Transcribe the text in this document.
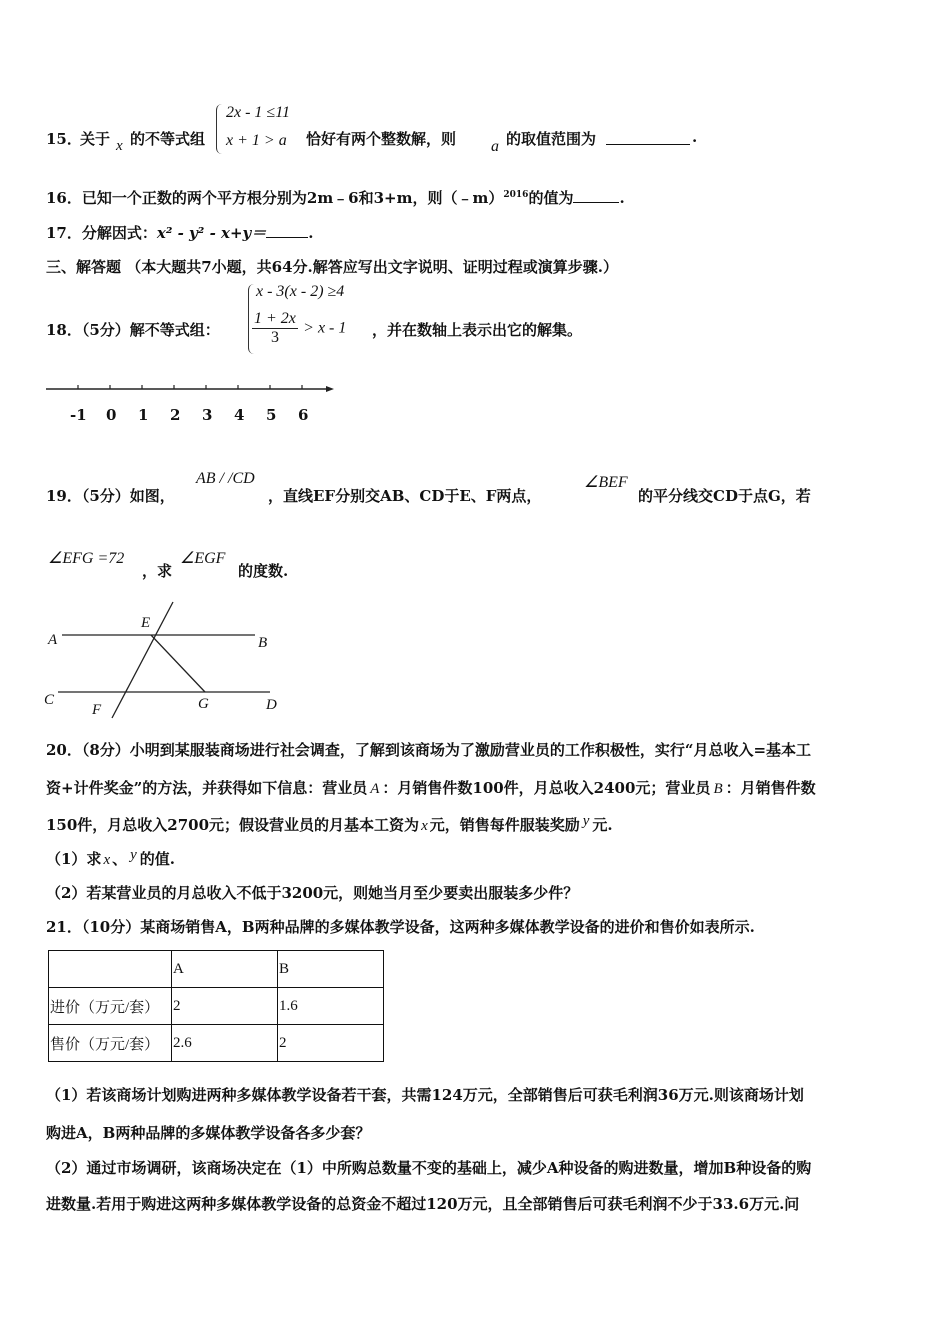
15．
关于 x 的不等式组
2x - 1 ≤11
x + 1 > a 恰好有两个整数解，则 a 的取值范围为	.
16．已知一个正数的两个平方根分别为2m﹣6和3+m，则（﹣m）$^{2016}$的值为	.
17．分解因式：x² - y² - x+y＝	.
三、解答题 （本大题共7小题，共64分.解答应写出文字说明、证明过程或演算步骤.）
18．（5分）解不等式组：
x - 3(x - 2) ≥4
$\frac{1 + 2x}{3} > x - 1$ ，并在数轴上表示出它的解集。
-1 0 1 2 3 4 5 6
19．（5分）如图，
AB / /CD
，直线EF分别交AB、CD于E、F两点，
∠BEF
的平分线交CD于点G，若
∠EFG =72
，求
∠EGF
的度数.
A	B
E
C
F	G	D
20．（8分）小明到某服装商场进行社会调查，了解到该商场为了激励营业员的工作积极性，实行“月总收入=基本工
资+计件奖金”的方法，并获得如下信息：营业员 A ：月销售件数100件，月总收入2400元；营业员 B ：月销售件数
150件，月总收入2700元；假设营业员的月基本工资为 x 元，销售每件服装奖励 y 元.
（1）求 x 、 y 的值.
（2）若某营业员的月总收入不低于3200元，则她当月至少要卖出服装多少件？
21．（10分）某商场销售A，B两种品牌的多媒体教学设备，这两种多媒体教学设备的进价和售价如表所示.
	A	B
进价（万元/套）	2	1.6
售价（万元/套）	2.6	2
（1）若该商场计划购进两种多媒体教学设备若干套，共需124万元，全部销售后可获毛利润36万元.则该商场计划
购进A，B两种品牌的多媒体教学设备各多少套？
（2）通过市场调研，该商场决定在（1）中所购总数量不变的基础上，减少A种设备的购进数量，增加B种设备的购
进数量.若用于购进这两种多媒体教学设备的总资金不超过120万元，且全部销售后可获毛利润不少于33.6万元.问
